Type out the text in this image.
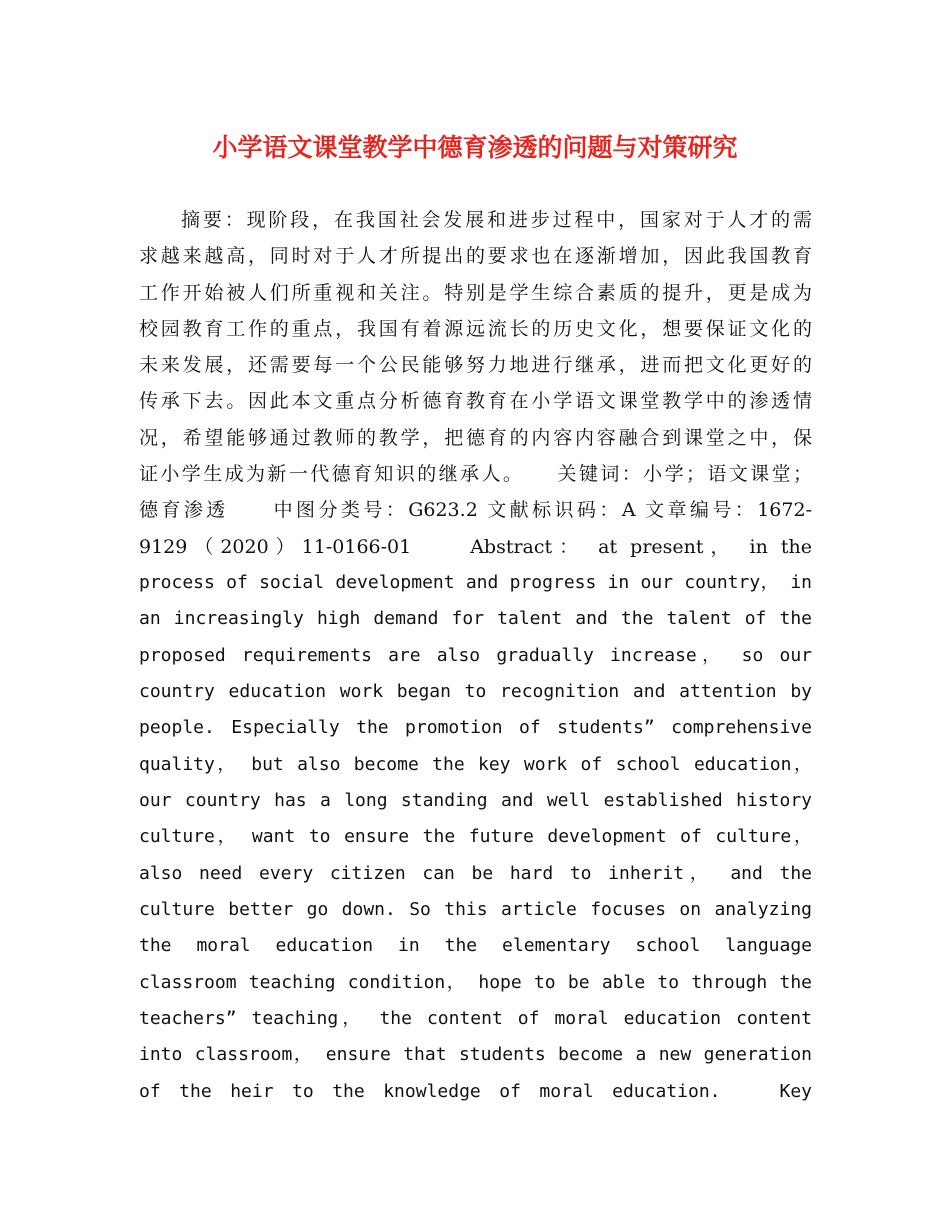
小学语文课堂教学中德育渗透的问题与对策研究
摘要：现阶段，在我国社会发展和进步过程中，国家对于人才的需
求越来越高，同时对于人才所提出的要求也在逐渐增加，因此我国教育
工作开始被人们所重视和关注。特别是学生综合素质的提升，更是成为
校园教育工作的重点，我国有着源远流长的历史文化，想要保证文化的
未来发展，还需要每一个公民能够努力地进行继承，进而把文化更好的
传承下去。因此本文重点分析德育教育在小学语文课堂教学中的渗透情
况，希望能够通过教师的教学，把德育的内容内容融合到课堂之中，保
证小学生成为新一代德育知识的继承人。　　关键词：小学；语文课堂；
德育渗透　　中图分类号：G623.2 文献标识码：A 文章编号：1672-
9129（2020）11-0166-01　　Abstract： at present， in the
process of social development and progress in our country， in
an increasingly high demand for talent and the talent of the
proposed requirements are also gradually increase， so our
country education work began to recognition and attention by
people. Especially the promotion of students” comprehensive
quality， but also become the key work of school education，
our country has a long standing and well established history
culture， want to ensure the future development of culture，
also need every citizen can be hard to inherit， and the
culture better go down. So this article focuses on analyzing
the moral education in the elementary school language
classroom teaching condition， hope to be able to through the
teachers” teaching， the content of moral education content
into classroom， ensure that students become a new generation
of the heir to the knowledge of moral education.　　Key
